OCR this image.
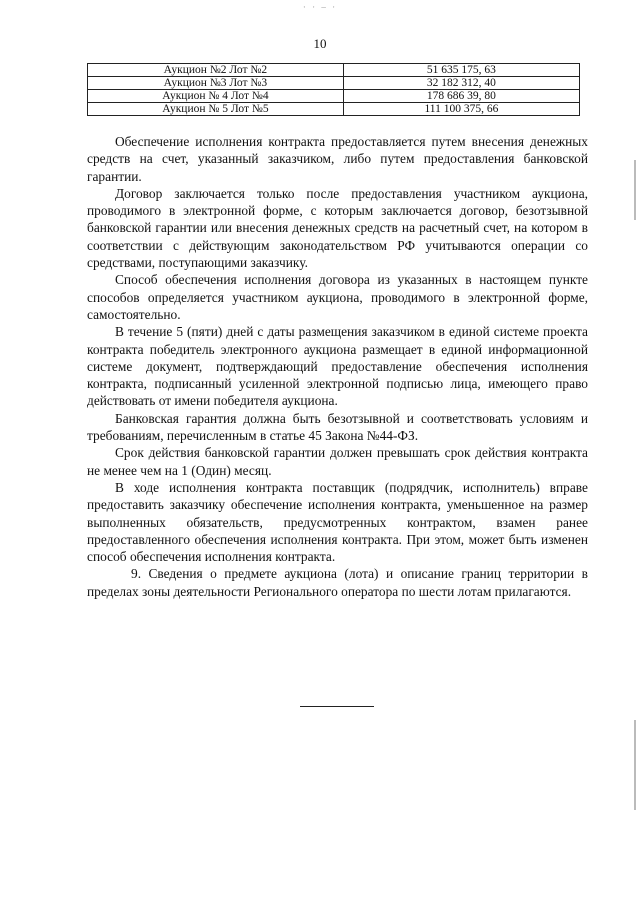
· · – ·
10
Аукцион №2 Лот №2	51 635 175, 63
Аукцион №3 Лот №3	32 182 312, 40
Аукцион № 4 Лот №4	178 686 39, 80
Аукцион № 5 Лот №5	111 100 375, 66

Обеспечение исполнения контракта предоставляется путем внесения денежных средств на счет, указанный заказчиком, либо путем предоставления банковской гарантии.

Договор заключается только после предоставления участником аукциона, проводимого в электронной форме, с которым заключается договор, безотзывной банковской гарантии или внесения денежных средств на расчетный счет, на котором в соответствии с действующим законодательством РФ учитываются операции со средствами, поступающими заказчику.

Способ обеспечения исполнения договора из указанных в настоящем пункте способов определяется участником аукциона, проводимого в электронной форме, самостоятельно.

В течение 5 (пяти) дней с даты размещения заказчиком в единой системе проекта контракта победитель электронного аукциона размещает в единой информационной системе документ, подтверждающий предоставление обеспечения исполнения контракта, подписанный усиленной электронной подписью лица, имеющего право действовать от имени победителя аукциона.

Банковская гарантия должна быть безотзывной и соответствовать условиям и требованиям, перечисленным в статье 45 Закона №44-ФЗ.

Срок действия банковской гарантии должен превышать срок действия контракта не менее чем на 1 (Один) месяц.

В ходе исполнения контракта поставщик (подрядчик, исполнитель) вправе предоставить заказчику обеспечение исполнения контракта, уменьшенное на размер выполненных обязательств, предусмотренных контрактом, взамен ранее предоставленного обеспечения исполнения контракта. При этом, может быть изменен способ обеспечения исполнения контракта.

9. Сведения о предмете аукциона (лота) и описание границ территории в пределах зоны деятельности Регионального оператора по шести лотам прилагаются.
